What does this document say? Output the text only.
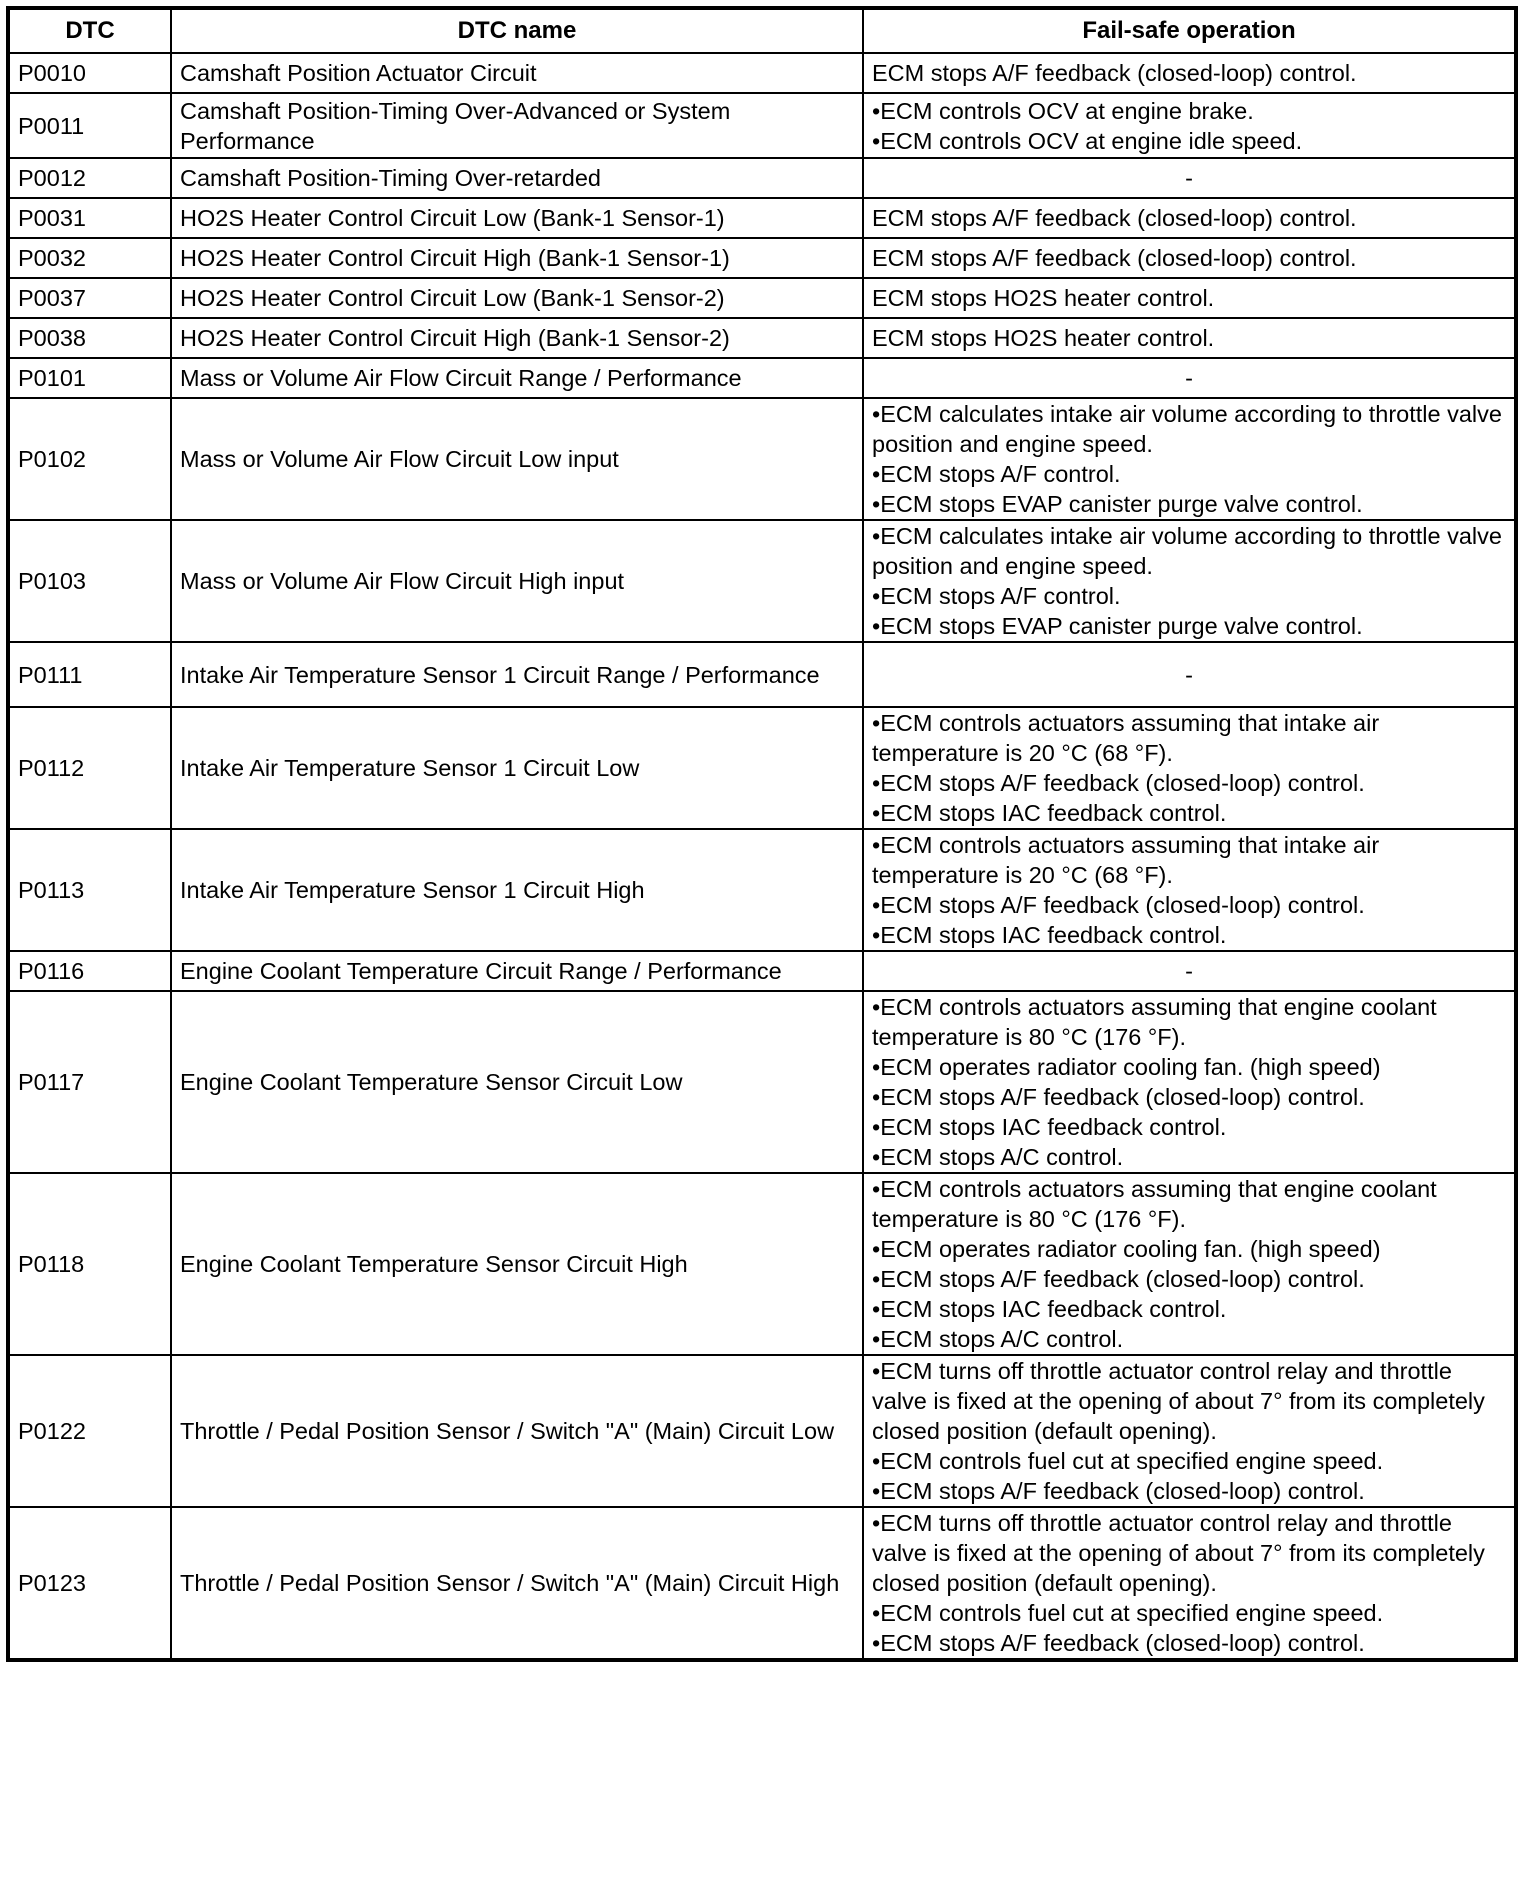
DTC	DTC name	Fail-safe operation
P0010	Camshaft Position Actuator Circuit	ECM stops A/F feedback (closed-loop) control.

P0011	Camshaft Position-Timing Over-Advanced or System Performance	•ECM controls OCV at engine brake.
•ECM controls OCV at engine idle speed.

P0012	Camshaft Position-Timing Over-retarded	-

P0031	HO2S Heater Control Circuit Low (Bank-1 Sensor-1)	ECM stops A/F feedback (closed-loop) control.

P0032	HO2S Heater Control Circuit High (Bank-1 Sensor-1)	ECM stops A/F feedback (closed-loop) control.

P0037	HO2S Heater Control Circuit Low (Bank-1 Sensor-2)	ECM stops HO2S heater control.

P0038	HO2S Heater Control Circuit High (Bank-1 Sensor-2)	ECM stops HO2S heater control.

P0101	Mass or Volume Air Flow Circuit Range / Performance	-

P0102	Mass or Volume Air Flow Circuit Low input	•ECM calculates intake air volume according to throttle valve position and engine speed.
•ECM stops A/F control.
•ECM stops EVAP canister purge valve control.

P0103	Mass or Volume Air Flow Circuit High input	•ECM calculates intake air volume according to throttle valve position and engine speed.
•ECM stops A/F control.
•ECM stops EVAP canister purge valve control.

P0111	Intake Air Temperature Sensor 1 Circuit Range / Performance	-

P0112	Intake Air Temperature Sensor 1 Circuit Low	•ECM controls actuators assuming that intake air temperature is 20 °C (68 °F).
•ECM stops A/F feedback (closed-loop) control.
•ECM stops IAC feedback control.

P0113	Intake Air Temperature Sensor 1 Circuit High	•ECM controls actuators assuming that intake air temperature is 20 °C (68 °F).
•ECM stops A/F feedback (closed-loop) control.
•ECM stops IAC feedback control.

P0116	Engine Coolant Temperature Circuit Range / Performance	-

P0117	Engine Coolant Temperature Sensor Circuit Low	•ECM controls actuators assuming that engine coolant temperature is 80 °C (176 °F).
•ECM operates radiator cooling fan. (high speed)
•ECM stops A/F feedback (closed-loop) control.
•ECM stops IAC feedback control.
•ECM stops A/C control.

P0118	Engine Coolant Temperature Sensor Circuit High	•ECM controls actuators assuming that engine coolant temperature is 80 °C (176 °F).
•ECM operates radiator cooling fan. (high speed)
•ECM stops A/F feedback (closed-loop) control.
•ECM stops IAC feedback control.
•ECM stops A/C control.

P0122	Throttle / Pedal Position Sensor / Switch "A" (Main) Circuit Low	•ECM turns off throttle actuator control relay and throttle valve is fixed at the opening of about 7° from its completely closed position (default opening).
•ECM controls fuel cut at specified engine speed.
•ECM stops A/F feedback (closed-loop) control.

P0123	Throttle / Pedal Position Sensor / Switch "A" (Main) Circuit High	•ECM turns off throttle actuator control relay and throttle valve is fixed at the opening of about 7° from its completely closed position (default opening).
•ECM controls fuel cut at specified engine speed.
•ECM stops A/F feedback (closed-loop) control.
